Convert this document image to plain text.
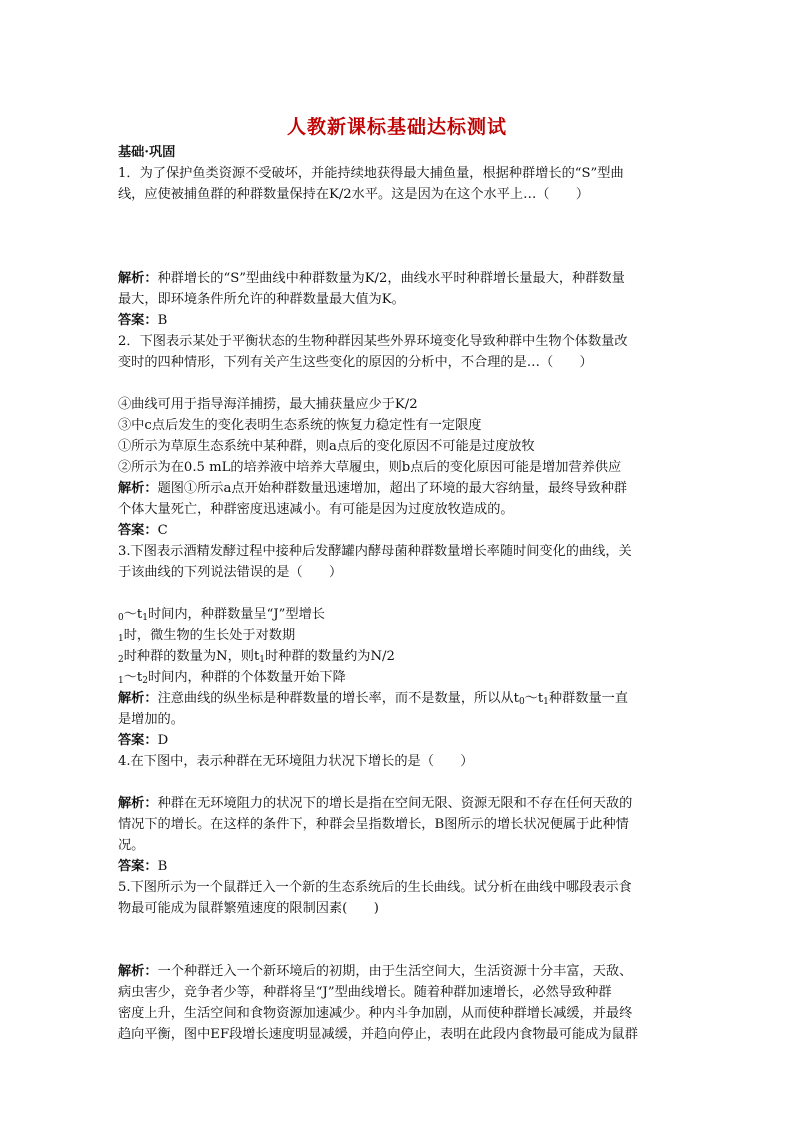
人教新课标基础达标测试

基础·巩固

1．为了保护鱼类资源不受破坏，并能持续地获得最大捕鱼量，根据种群增长的“S”型曲

线，应使被捕鱼群的种群数量保持在K/2水平。这是因为在这个水平上…（　　）

解析：种群增长的“S”型曲线中种群数量为K/2，曲线水平时种群增长量最大，种群数量

最大，即环境条件所允许的种群数量最大值为K。

答案：B

2．下图表示某处于平衡状态的生物种群因某些外界环境变化导致种群中生物个体数量改

变时的四种情形，下列有关产生这些变化的原因的分析中，不合理的是…（　　）

④曲线可用于指导海洋捕捞，最大捕获量应少于K/2

③中c点后发生的变化表明生态系统的恢复力稳定性有一定限度

①所示为草原生态系统中某种群，则a点后的变化原因不可能是过度放牧

②所示为在0.5 mL的培养液中培养大草履虫，则b点后的变化原因可能是增加营养供应

解析：题图①所示a点开始种群数量迅速增加，超出了环境的最大容纳量，最终导致种群

个体大量死亡，种群密度迅速减小。有可能是因为过度放牧造成的。

答案：C

3.下图表示酒精发酵过程中接种后发酵罐内酵母菌种群数量增长率随时间变化的曲线，关

于该曲线的下列说法错误的是（　　）

$_0\sim t_1$时间内，种群数量呈“J”型增长

$_1$时，微生物的生长处于对数期

$_2$时种群的数量为N，则$t_1$时种群的数量约为N/2

$_1\sim t_2$时间内，种群的个体数量开始下降

解析：注意曲线的纵坐标是种群数量的增长率，而不是数量，所以从$t_0\sim t_1$种群数量一直

是增加的。

答案：D

4.在下图中，表示种群在无环境阻力状况下增长的是（　　）

解析：种群在无环境阻力的状况下的增长是指在空间无限、资源无限和不存在任何天敌的

情况下的增长。在这样的条件下，种群会呈指数增长，B图所示的增长状况便属于此种情

况。

答案：B

5.下图所示为一个鼠群迁入一个新的生态系统后的生长曲线。试分析在曲线中哪段表示食

物最可能成为鼠群繁殖速度的限制因素(　　)

解析：一个种群迁入一个新环境后的初期，由于生活空间大，生活资源十分丰富，天敌、

病虫害少，竞争者少等，种群将呈“J”型曲线增长。随着种群加速增长，必然导致种群

密度上升，生活空间和食物资源加速减少。种内斗争加剧，从而使种群增长减缓，并最终

趋向平衡，图中EF段增长速度明显减缓，并趋向停止，表明在此段内食物最可能成为鼠群
